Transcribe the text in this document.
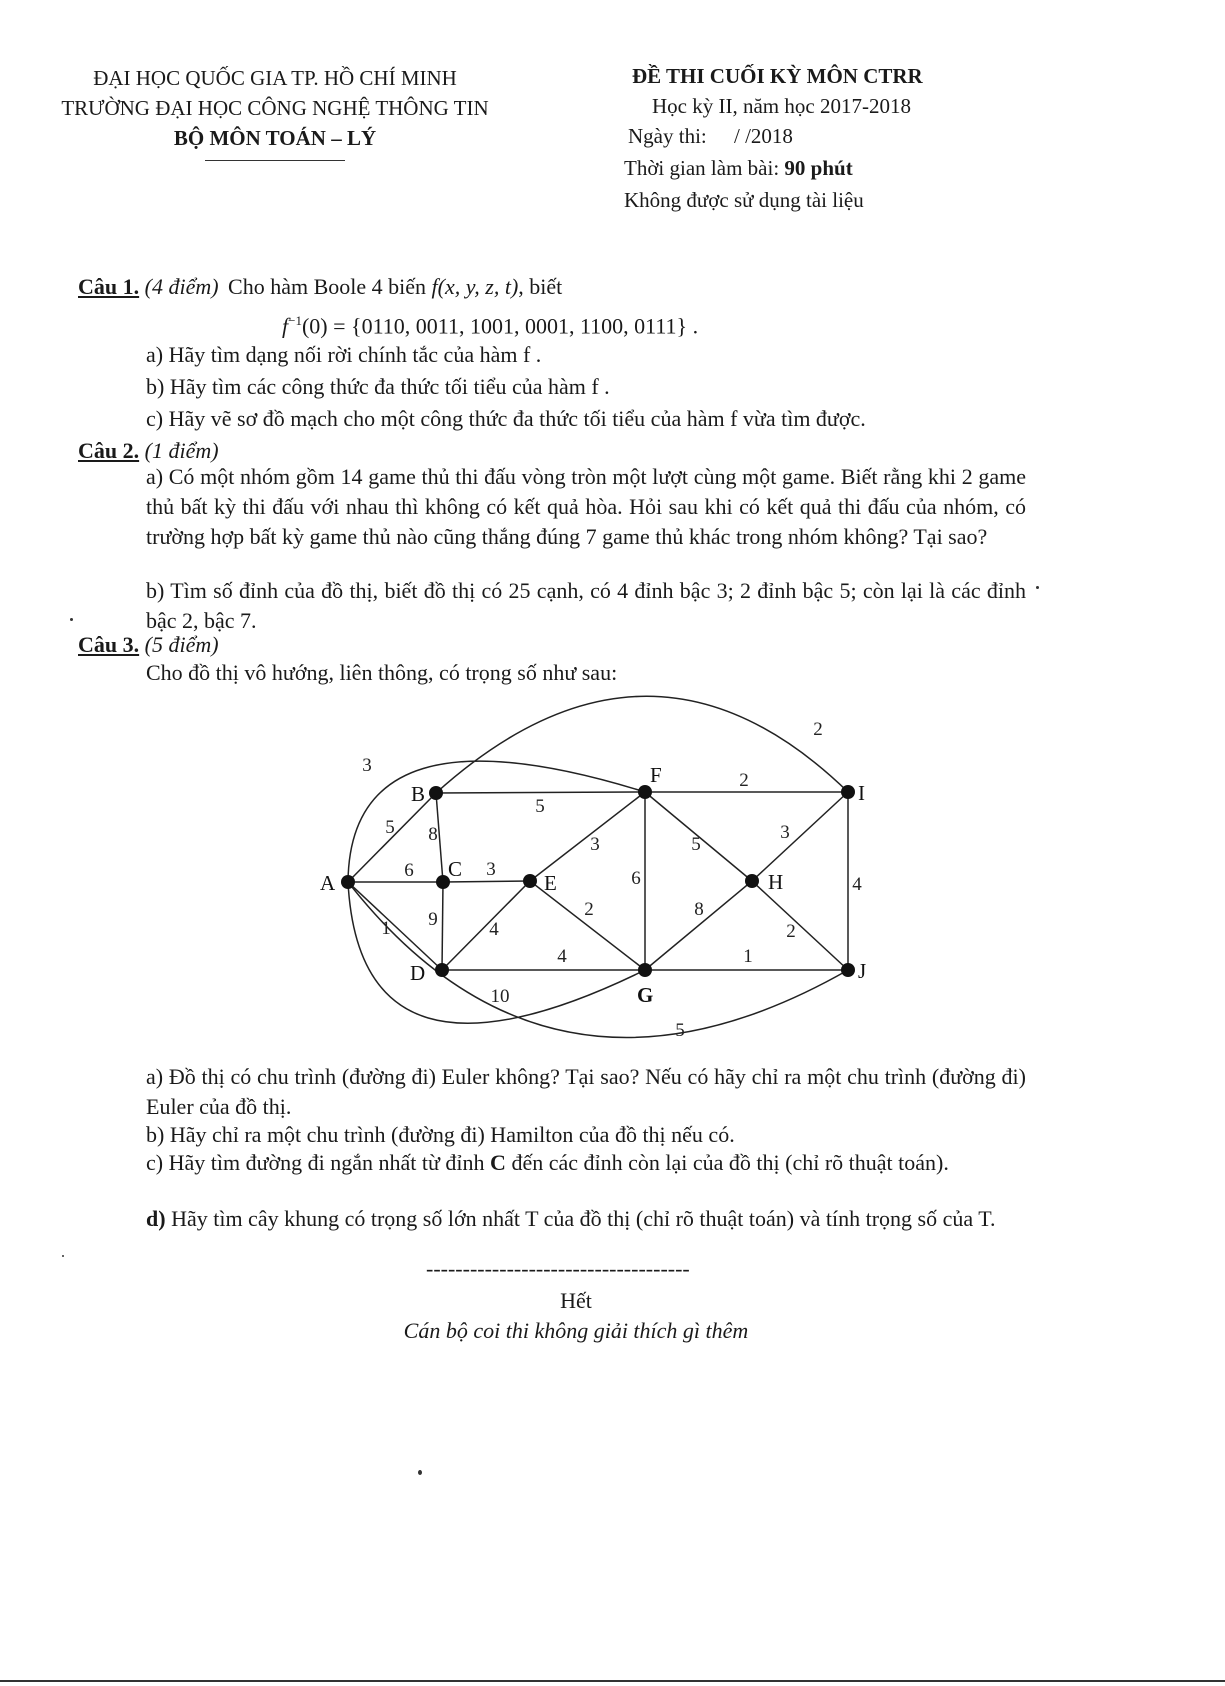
ĐẠI HỌC QUỐC GIA TP. HỒ CHÍ MINH
TRƯỜNG ĐẠI HỌC CÔNG NGHỆ THÔNG TIN
BỘ MÔN TOÁN – LÝ
ĐỀ THI CUỐI KỲ MÔN CTRR
Học kỳ II, năm học 2017-2018
Ngày thi: / /2018
Thời gian làm bài: 90 phút
Không được sử dụng tài liệu
Câu 1. (4 điểm) Cho hàm Boole 4 biến f(x, y, z, t), biết
$f^{-1}(0) = \{0110$, 0011, 1001, 0001, 1100, 0111} .
a) Hãy tìm dạng nối rời chính tắc của hàm f .
b) Hãy tìm các công thức đa thức tối tiểu của hàm f .
c) Hãy vẽ sơ đồ mạch cho một công thức đa thức tối tiểu của hàm f vừa tìm được.
Câu 2. (1 điểm)
a) Có một nhóm gồm 14 game thủ thi đấu vòng tròn một lượt cùng một game. Biết rằng khi 2 game thủ bất kỳ thi đấu với nhau thì không có kết quả hòa. Hỏi sau khi có kết quả thi đấu của nhóm, có trường hợp bất kỳ game thủ nào cũng thắng đúng 7 game thủ khác trong nhóm không? Tại sao?
b) Tìm số đỉnh của đồ thị, biết đồ thị có 25 cạnh, có 4 đỉnh bậc 3; 2 đỉnh bậc 5; còn lại là các đỉnh bậc 2, bậc 7.
Câu 3. (5 điểm)
Cho đồ thị vô hướng, liên thông, có trọng số như sau:
5
6
1
3
10
5
8
5
2
3
9	4
4
3
2
6
5
2
8
1
3
2
4
A
B
C
D
E
F
G
H
I
J
a) Đồ thị có chu trình (đường đi) Euler không? Tại sao? Nếu có hãy chỉ ra một chu trình (đường đi) Euler của đồ thị.
b) Hãy chỉ ra một chu trình (đường đi) Hamilton của đồ thị nếu có.
c) Hãy tìm đường đi ngắn nhất từ đỉnh C đến các đỉnh còn lại của đồ thị (chỉ rõ thuật toán).
d) Hãy tìm cây khung có trọng số lớn nhất T của đồ thị (chỉ rõ thuật toán) và tính trọng số của T.
------------------------------------
Hết
Cán bộ coi thi không giải thích gì thêm
